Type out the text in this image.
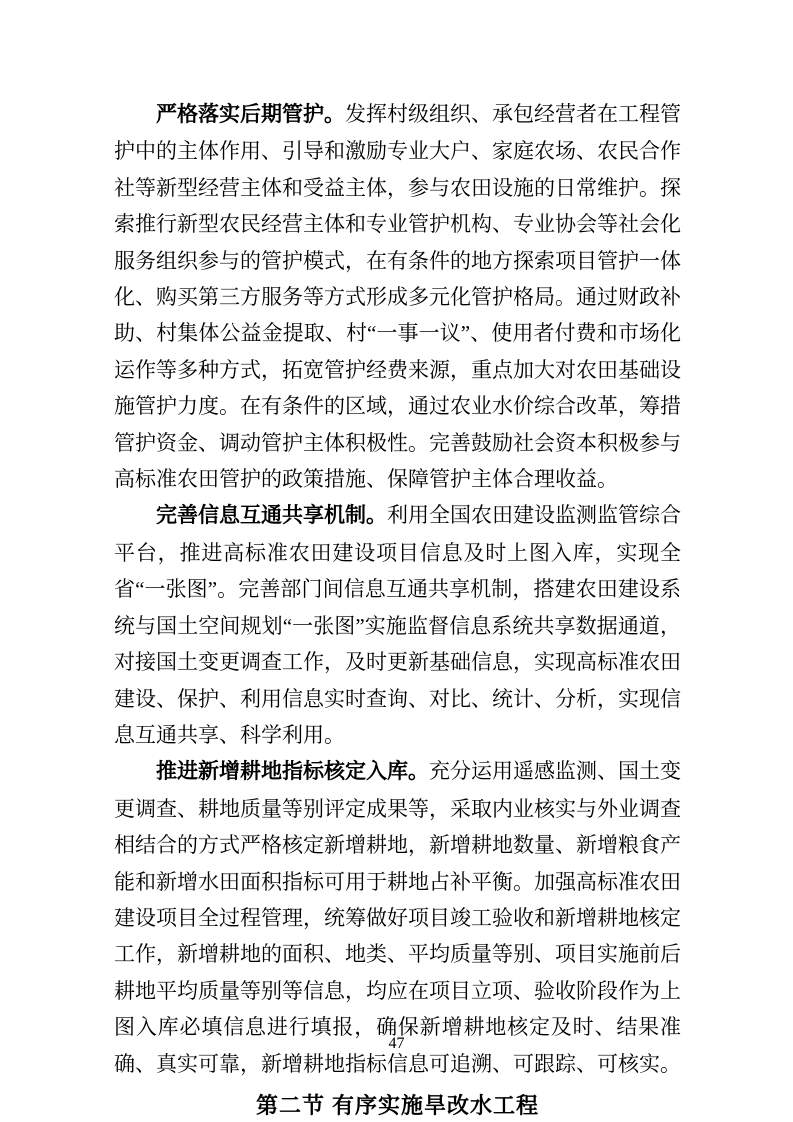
严格落实后期管护。发挥村级组织、承包经营者在工程管护中的主体作用、引导和激励专业大户、家庭农场、农民合作社等新型经营主体和受益主体，参与农田设施的日常维护。探索推行新型农民经营主体和专业管护机构、专业协会等社会化服务组织参与的管护模式，在有条件的地方探索项目管护一体化、购买第三方服务等方式形成多元化管护格局。通过财政补助、村集体公益金提取、村“一事一议”、使用者付费和市场化运作等多种方式，拓宽管护经费来源，重点加大对农田基础设施管护力度。在有条件的区域，通过农业水价综合改革，筹措管护资金、调动管护主体积极性。完善鼓励社会资本积极参与高标准农田管护的政策措施、保障管护主体合理收益。

完善信息互通共享机制。利用全国农田建设监测监管综合平台，推进高标准农田建设项目信息及时上图入库，实现全省“一张图”。完善部门间信息互通共享机制，搭建农田建设系统与国土空间规划“一张图”实施监督信息系统共享数据通道，对接国土变更调查工作，及时更新基础信息，实现高标准农田建设、保护、利用信息实时查询、对比、统计、分析，实现信息互通共享、科学利用。

推进新增耕地指标核定入库。充分运用遥感监测、国土变更调查、耕地质量等别评定成果等，采取内业核实与外业调查相结合的方式严格核定新增耕地，新增耕地数量、新增粮食产能和新增水田面积指标可用于耕地占补平衡。加强高标准农田建设项目全过程管理，统筹做好项目竣工验收和新增耕地核定工作，新增耕地的面积、地类、平均质量等别、项目实施前后耕地平均质量等别等信息，均应在项目立项、验收阶段作为上图入库必填信息进行填报，确保新增耕地核定及时、结果准确、真实可靠，新增耕地指标信息可追溯、可跟踪、可核实。

第二节 有序实施旱改水工程
47
